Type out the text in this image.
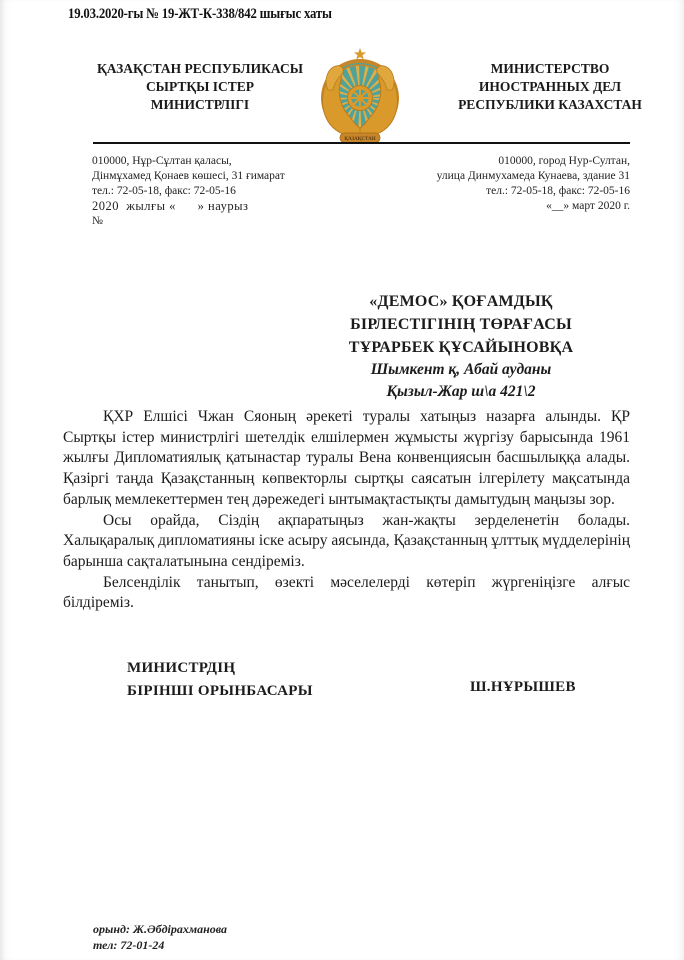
19.03.2020-гы № 19-ЖТ-К-338/842 шығыс хаты
ҚАЗАҚСТАН РЕСПУБЛИКАСЫ
СЫРТҚЫ ІСТЕР
МИНИСТРЛІГІ
ҚАЗАҚСТАН
МИНИСТЕРСТВО
ИНОСТРАННЫХ ДЕЛ
РЕСПУБЛИКИ КАЗАХСТАН
010000, Нұр-Сұлтан қаласы,
Дінмұхамед Қонаев көшесі, 31 ғимарат
тел.: 72-05-18, факс: 72-05-16
2020  жылғы «      » наурыз
№
010000, город Нур-Султан,
улица Динмухамеда Кунаева, здание 31
тел.: 72-05-18, факс: 72-05-16
«__» март 2020 г.
«ДЕМОС» ҚОҒАМДЫҚ
БІРЛЕСТІГІНІҢ ТӨРАҒАСЫ
ТҰРАРБЕК ҚҰСАЙЫНОВҚА
Шымкент қ, Абай ауданы
Қызыл-Жар ш\а 421\2

ҚХР Елшісі Чжан Сяоның әрекеті туралы хатыңыз назарға алынды. ҚР Сыртқы істер министрлігі шетелдік елшілермен жұмысты жүргізу барысында 1961 жылғы Дипломатиялық қатынастар туралы Вена конвенциясын басшылыққа алады. Қазіргі таңда Қазақстанның көпвекторлы сыртқы саясатын ілгерілету мақсатында барлық мемлекеттермен тең дәрежедегі ынтымақтастықты дамытудың маңызы зор.

Осы орайда, Сіздің ақпаратыңыз жан-жақты зерделенетін болады. Халықаралық дипломатияны іске асыру аясында, Қазақстанның ұлттық мүдделерінің барынша сақталатынына сендіреміз.

Белсенділік танытып, өзекті мәселелерді көтеріп жүргеніңізге алғыс білдіреміз.

МИНИСТРДІҢ
БІРІНШІ ОРЫНБАСАРЫ	Ш.НҰРЫШЕВ
орынд: Ж.Әбдірахманова
тел: 72-01-24
